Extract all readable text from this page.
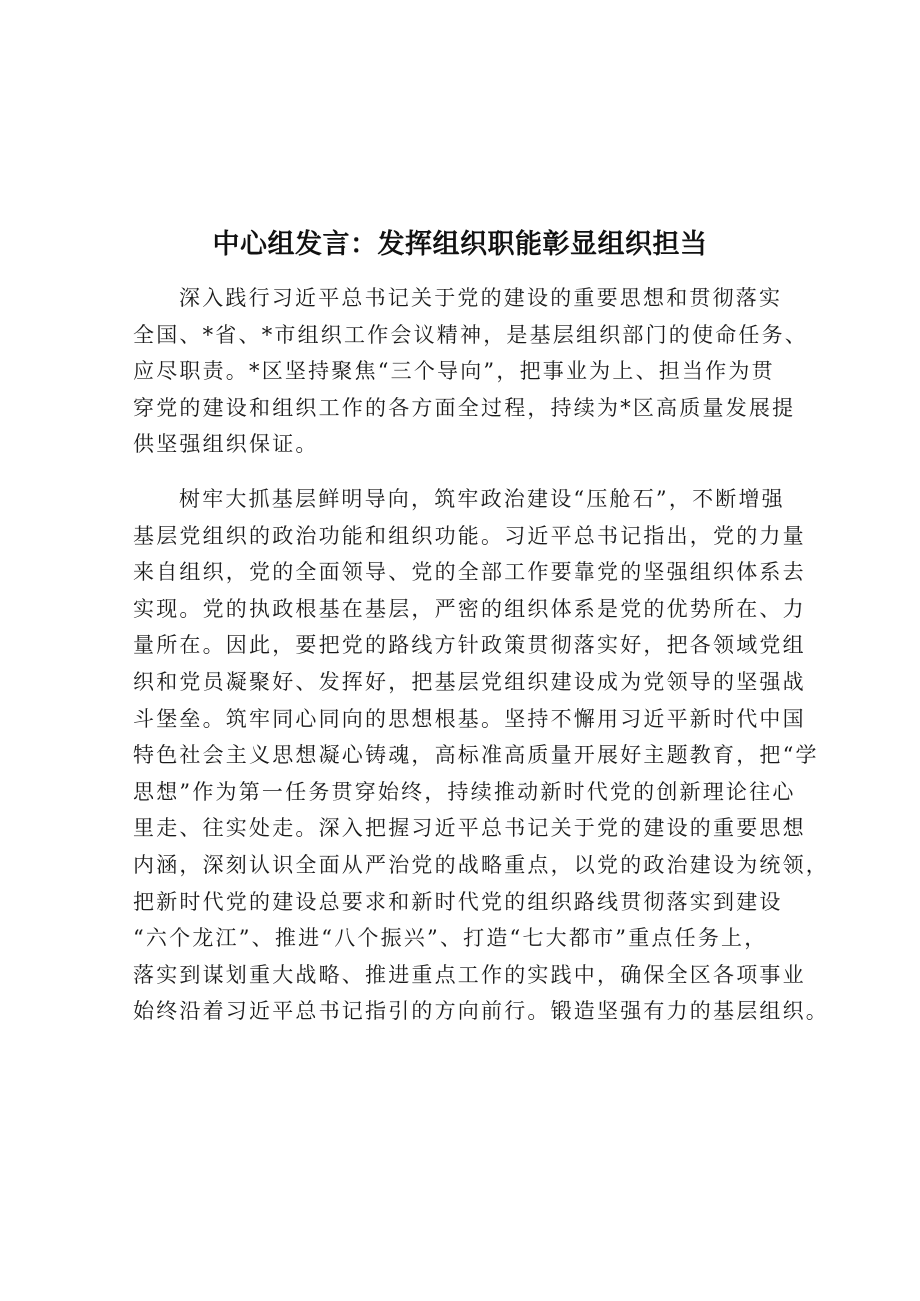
中心组发言：发挥组织职能彰显组织担当
深入践行习近平总书记关于党的建设的重要思想和贯彻落实
全国、*省、*市组织工作会议精神，是基层组织部门的使命任务、
应尽职责。*区坚持聚焦“三个导向”，把事业为上、担当作为贯
穿党的建设和组织工作的各方面全过程，持续为*区高质量发展提
供坚强组织保证。
树牢大抓基层鲜明导向，筑牢政治建设“压舱石”，不断增强
基层党组织的政治功能和组织功能。习近平总书记指出，党的力量
来自组织，党的全面领导、党的全部工作要靠党的坚强组织体系去
实现。党的执政根基在基层，严密的组织体系是党的优势所在、力
量所在。因此，要把党的路线方针政策贯彻落实好，把各领域党组
织和党员凝聚好、发挥好，把基层党组织建设成为党领导的坚强战
斗堡垒。筑牢同心同向的思想根基。坚持不懈用习近平新时代中国
特色社会主义思想凝心铸魂，高标准高质量开展好主题教育，把“学
思想”作为第一任务贯穿始终，持续推动新时代党的创新理论往心
里走、往实处走。深入把握习近平总书记关于党的建设的重要思想
内涵，深刻认识全面从严治党的战略重点，以党的政治建设为统领，
把新时代党的建设总要求和新时代党的组织路线贯彻落实到建设
“六个龙江”、推进“八个振兴”、打造“七大都市”重点任务上，
落实到谋划重大战略、推进重点工作的实践中，确保全区各项事业
始终沿着习近平总书记指引的方向前行。锻造坚强有力的基层组织。
